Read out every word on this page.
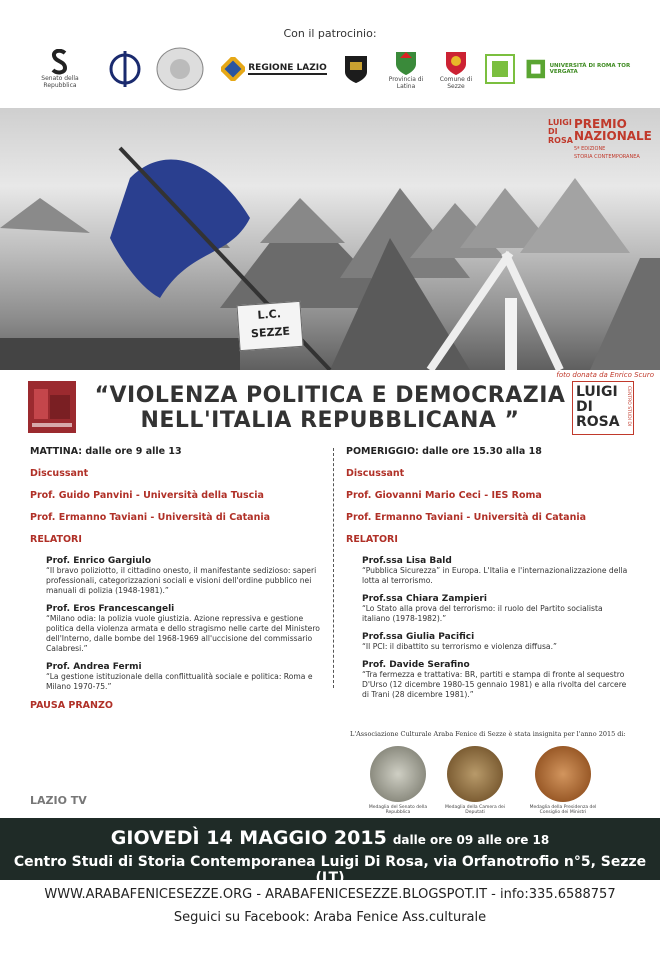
Con il patrocinio:
Senato della Repubblica
REGIONE LAZIO
Provincia di Latina
Comune di Sezze
UNIVERSITÀ DI ROMA TOR VERGATA
L.C. SEZZE
LUIGI DI ROSA
PREMIO NAZIONALE
5ª EDIZIONE
STORIA CONTEMPORANEA
foto donata da Enrico Scuro
“VIOLENZA POLITICA E DEMOCRAZIA
NELL'ITALIA REPUBBLICANA ”
LUIGI DI ROSA CENTRO STUDI DI
MATTINA: dalle ore 9 alle 13
Discussant
Prof. Guido Panvini - Università della Tuscia
Prof. Ermanno Taviani - Università di Catania
RELATORI
Prof. Enrico Gargiulo
“Il bravo poliziotto, il cittadino onesto, il manifestante sedizioso: saperi professionali, categorizzazioni sociali e visioni dell'ordine pubblico nei manuali di polizia (1948-1981).”
Prof. Eros Francescangeli
“Milano odia: la polizia vuole giustizia. Azione repressiva e gestione politica della violenza armata e dello stragismo nelle carte del Ministero dell'Interno, dalle bombe del 1968-1969 all'uccisione del commissario Calabresi.”
Prof. Andrea Fermi
“La gestione istituzionale della conflittualità sociale e politica: Roma e Milano 1970-75.”
PAUSA PRANZO
POMERIGGIO: dalle ore 15.30 alla 18
Discussant
Prof. Giovanni Mario Ceci - IES Roma
Prof. Ermanno Taviani - Università di Catania
RELATORI
Prof.ssa Lisa Bald
“Pubblica Sicurezza” in Europa. L'Italia e l'internazionalizzazione della lotta al terrorismo.
Prof.ssa Chiara Zampieri
“Lo Stato alla prova del terrorismo: il ruolo del Partito socialista italiano (1978-1982).”
Prof.ssa Giulia Pacifici
“Il PCI: il dibattito su terrorismo e violenza diffusa.”
Prof. Davide Serafino
“Tra fermezza e trattativa: BR, partiti e stampa di fronte al sequestro D'Urso (12 dicembre 1980-15 gennaio 1981) e alla rivolta del carcere di Trani (28 dicembre 1981).”
L'Associazione Culturale Araba Fenice di Sezze è stata insignita per l'anno 2015 di:
Medaglia del Senato della Repubblica
Medaglia della Camera dei Deputati
Medaglia della Presidenza del Consiglio dei Ministri
LAZIO TV
GIOVEDÌ 14 MAGGIO 2015 dalle ore 09 alle ore 18
Centro Studi di Storia Contemporanea Luigi Di Rosa, via Orfanotrofio n°5, Sezze (LT)
WWW.ARABAFENICESEZZE.ORG - ARABAFENICESEZZE.BLOGSPOT.IT - info:335.6588757
Seguici su Facebook: Araba Fenice Ass.culturale
